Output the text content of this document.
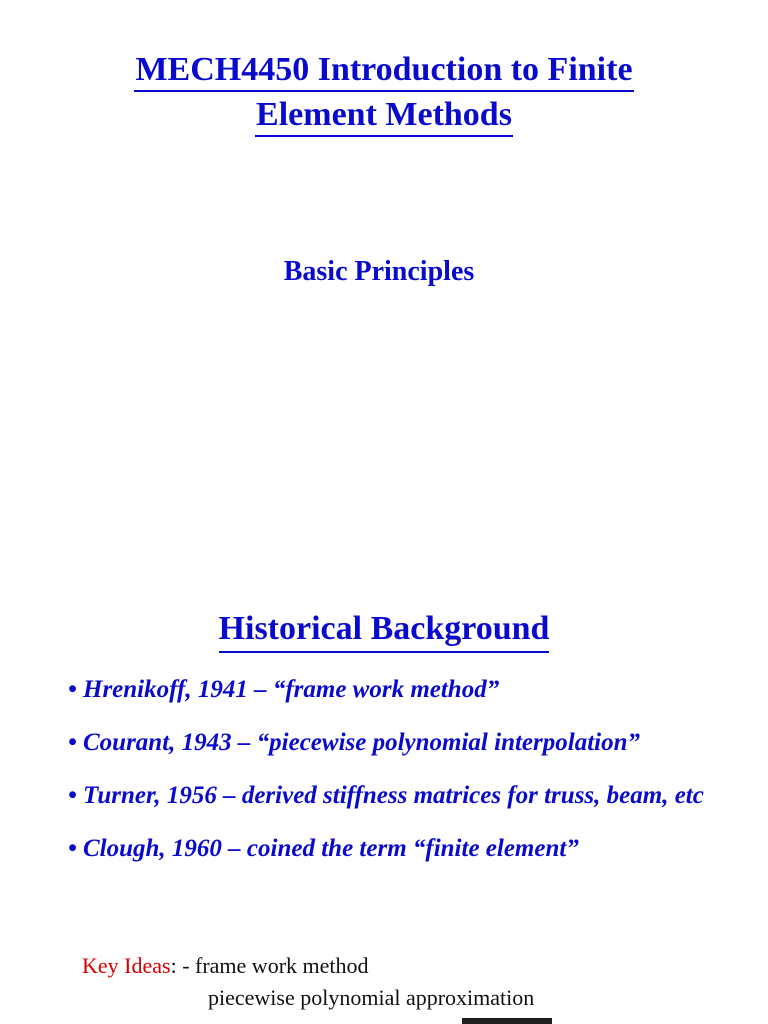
MECH4450 Introduction to Finite
Element Methods
Basic Principles
Historical Background
• Hrenikoff, 1941 – “frame work method”
• Courant, 1943 – “piecewise polynomial interpolation”
• Turner, 1956 – derived stiffness matrices for truss, beam, etc
• Clough, 1960 – coined the term “finite element”
Key Ideas: - frame work method
piecewise polynomial approximation
